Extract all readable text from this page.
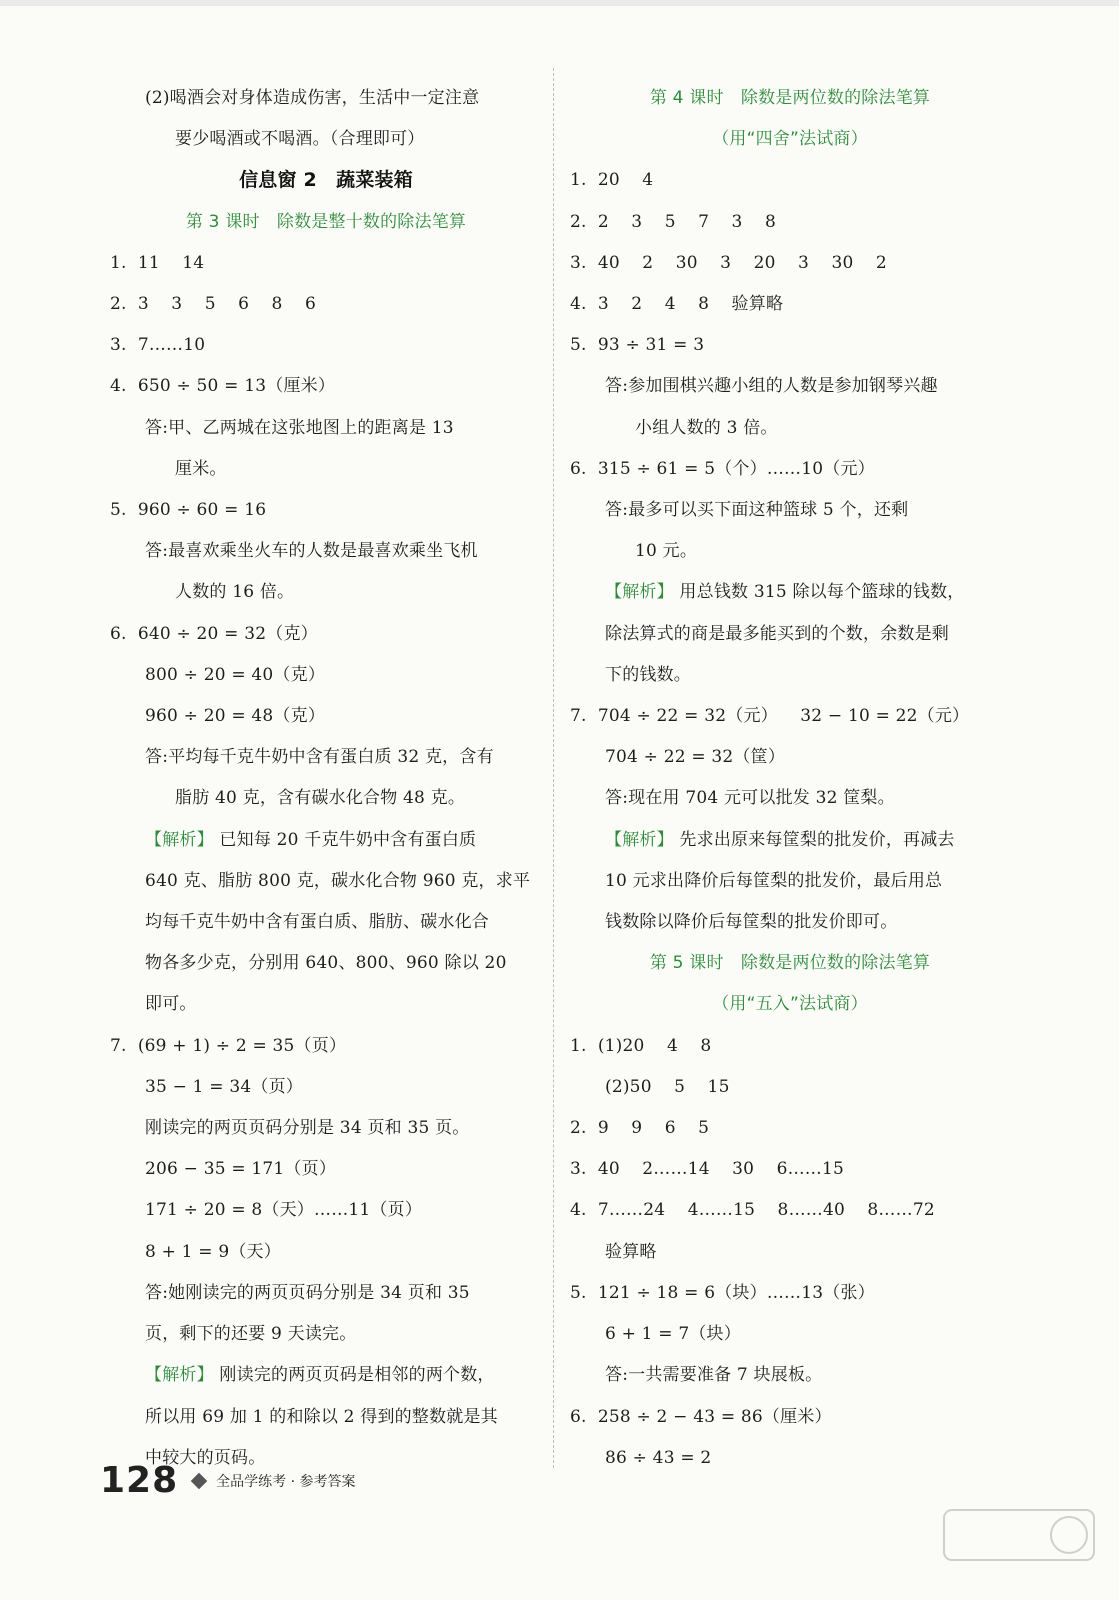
(2)喝酒会对身体造成伤害，生活中一定注意
要少喝酒或不喝酒。（合理即可）
信息窗 2　蔬菜装箱
第 3 课时　除数是整十数的除法笔算
1.  11    14
2.  3    3    5    6    8    6
3.  7……10
4.  650 ÷ 50 = 13（厘米）
答:甲、乙两城在这张地图上的距离是 13
厘米。
5.  960 ÷ 60 = 16
答:最喜欢乘坐火车的人数是最喜欢乘坐飞机
人数的 16 倍。
6.  640 ÷ 20 = 32（克）
800 ÷ 20 = 40（克）
960 ÷ 20 = 48（克）
答:平均每千克牛奶中含有蛋白质 32 克，含有
脂肪 40 克，含有碳水化合物 48 克。
【解析】 已知每 20 千克牛奶中含有蛋白质
640 克、脂肪 800 克，碳水化合物 960 克，求平
均每千克牛奶中含有蛋白质、脂肪、碳水化合
物各多少克，分别用 640、800、960 除以 20
即可。
7.  (69 + 1) ÷ 2 = 35（页）
35 − 1 = 34（页）
刚读完的两页页码分别是 34 页和 35 页。
206 − 35 = 171（页）
171 ÷ 20 = 8（天）……11（页）
8 + 1 = 9（天）
答:她刚读完的两页页码分别是 34 页和 35
页，剩下的还要 9 天读完。
【解析】 刚读完的两页页码是相邻的两个数，
所以用 69 加 1 的和除以 2 得到的整数就是其
中较大的页码。
第 4 课时　除数是两位数的除法笔算
（用“四舍”法试商）
1.  20    4
2.  2    3    5    7    3    8
3.  40    2    30    3    20    3    30    2
4.  3    2    4    8    验算略
5.  93 ÷ 31 = 3
答:参加围棋兴趣小组的人数是参加钢琴兴趣
小组人数的 3 倍。
6.  315 ÷ 61 = 5（个）……10（元）
答:最多可以买下面这种篮球 5 个，还剩
10 元。
【解析】 用总钱数 315 除以每个篮球的钱数，
除法算式的商是最多能买到的个数，余数是剩
下的钱数。
7.  704 ÷ 22 = 32（元）    32 − 10 = 22（元）
704 ÷ 22 = 32（筐）
答:现在用 704 元可以批发 32 筐梨。
【解析】 先求出原来每筐梨的批发价，再减去
10 元求出降价后每筐梨的批发价，最后用总
钱数除以降价后每筐梨的批发价即可。
第 5 课时　除数是两位数的除法笔算
（用“五入”法试商）
1.  (1)20    4    8
(2)50    5    15
2.  9    9    6    5
3.  40    2……14    30    6……15
4.  7……24    4……15    8……40    8……72
验算略
5.  121 ÷ 18 = 6（块）……13（张）
6 + 1 = 7（块）
答:一共需要准备 7 块展板。
6.  258 ÷ 2 − 43 = 86（厘米）
86 ÷ 43 = 2
128	全品学练考 · 参考答案
